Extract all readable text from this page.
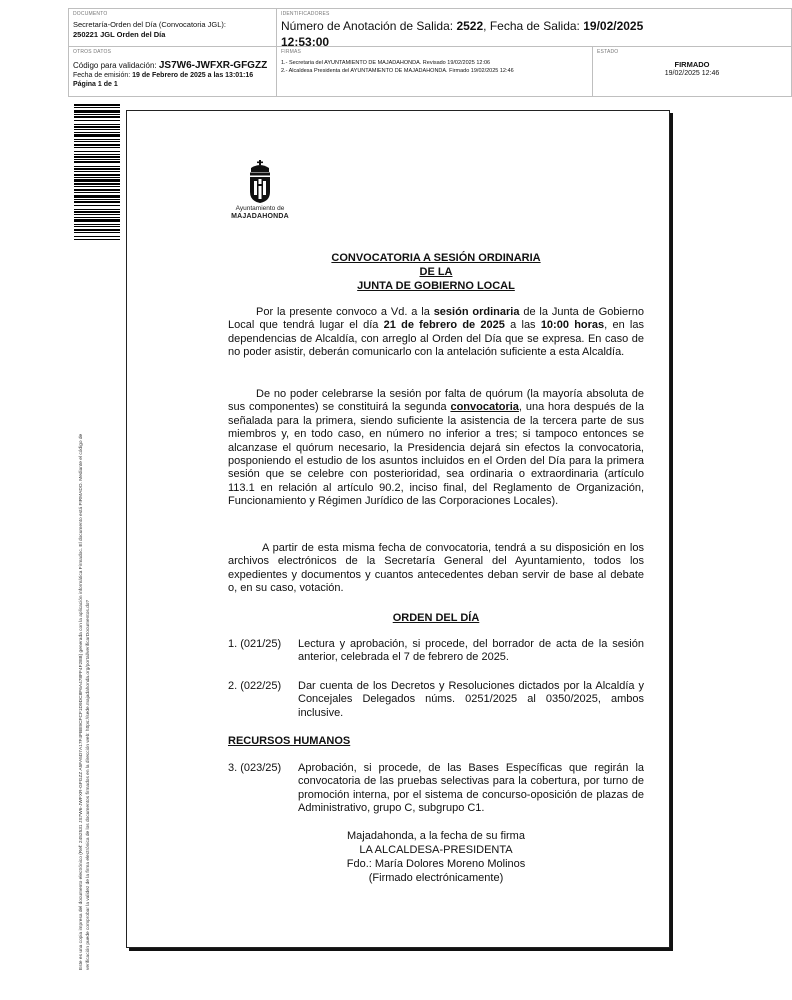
DOCUMENTO
Secretaría-Orden del Día (Convocatoria JGL):
250221 JGL Orden del Día
IDENTIFICADORES
Número de Anotación de Salida: 2522, Fecha de Salida: 19/02/2025
12:53:00
OTROS DATOS
Código para validación: JS7W6-JWFXR-GFGZZ
Fecha de emisión: 19 de Febrero de 2025 a las 13:01:16
Página 1 de 1
FIRMAS
1.- Secretaria del AYUNTAMIENTO DE MAJADAHONDA. Revisado 19/02/2025 12:06
2.- Alcaldesa Presidenta del AYUNTAMIENTO DE MAJADAHONDA. Firmado 19/02/2025 12:46
ESTADO
FIRMADO
19/02/2025 12:46
Este es una copia impresa del documento electrónico (Ref: 2452531 JS7W6-JWFXR-GFGZZ A5FA5D7A17F4FBE9CFCF1D9DC8F6A478FF4F2EB) generada con la aplicación informática Firmadoc. El documento está FIRMADO. Mediante el código de verificación puede comprobar la validez de la firma electrónica de los documentos firmados en la dirección web: https://sede.majadahonda.org/portal/verificarDocumentos.do?
Ayuntamiento de
MAJADAHONDA
CONVOCATORIA A SESIÓN ORDINARIA
DE LA
JUNTA DE GOBIERNO LOCAL
Por la presente convoco a Vd. a la sesión ordinaria de la Junta de Gobierno Local que tendrá lugar el día 21 de febrero de 2025 a las 10:00 horas, en las dependencias de Alcaldía, con arreglo al Orden del Día que se expresa. En caso de no poder asistir, deberán comunicarlo con la antelación suficiente a esta Alcaldía.
De no poder celebrarse la sesión por falta de quórum (la mayoría absoluta de sus componentes) se constituirá la segunda convocatoria, una hora después de la señalada para la primera, siendo suficiente la asistencia de la tercera parte de sus miembros y, en todo caso, en número no inferior a tres; si tampoco entonces se alcanzase el quórum necesario, la Presidencia dejará sin efectos la convocatoria, posponiendo el estudio de los asuntos incluidos en el Orden del Día para la primera sesión que se celebre con posterioridad, sea ordinaria o extraordinaria (artículo 113.1 en relación al artículo 90.2, inciso final, del Reglamento de Organización, Funcionamiento y Régimen Jurídico de las Corporaciones Locales).
A partir de esta misma fecha de convocatoria, tendrá a su disposición en los archivos electrónicos de la Secretaría General del Ayuntamiento, todos los expedientes y documentos y cuantos antecedentes deban servir de base al debate o, en su caso, votación.
ORDEN DEL DÍA
1. (021/25)	Lectura y aprobación, si procede, del borrador de acta de la sesión anterior, celebrada el 7 de febrero de 2025.
2. (022/25)	Dar cuenta de los Decretos y Resoluciones dictados por la Alcaldía y Concejales Delegados núms. 0251/2025 al 0350/2025, ambos inclusive.
RECURSOS HUMANOS
3. (023/25)	Aprobación, si procede, de las Bases Específicas que regirán la convocatoria de las pruebas selectivas para la cobertura, por turno de promoción interna, por el sistema de concurso-oposición de plazas de Administrativo, grupo C, subgrupo C1.
Majadahonda, a la fecha de su firma
LA ALCALDESA-PRESIDENTA
Fdo.: María Dolores Moreno Molinos
(Firmado electrónicamente)
